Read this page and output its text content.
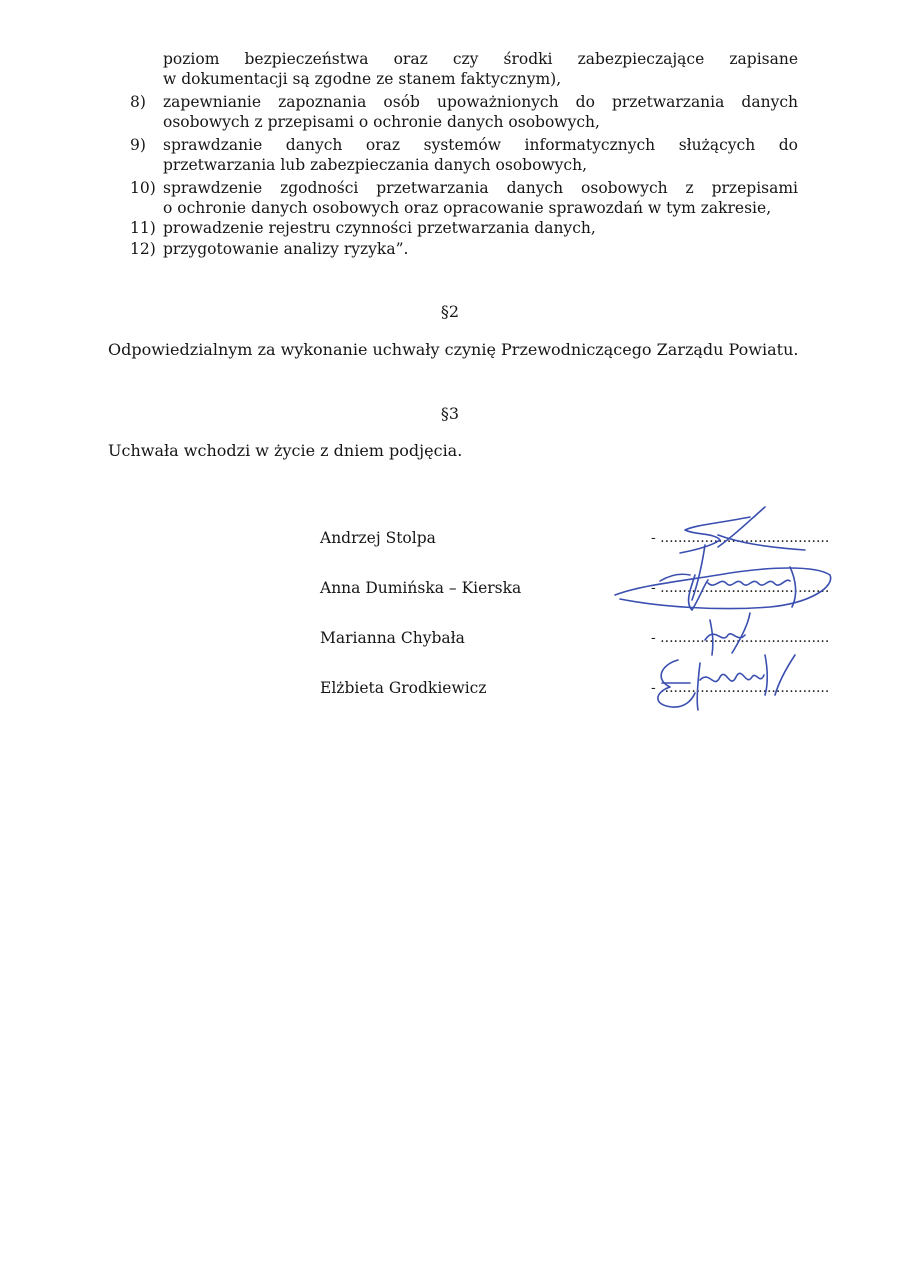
poziom bezpieczeństwa oraz czy środki zabezpieczające zapisane
w dokumentacji są zgodne ze stanem faktycznym),
8)	zapewnianie zapoznania osób upoważnionych do przetwarzania danych
osobowych z przepisami o ochronie danych osobowych,
9)	sprawdzanie danych oraz systemów informatycznych służących do
przetwarzania lub zabezpieczania danych osobowych,
10) sprawdzenie zgodności przetwarzania danych osobowych z przepisami
o ochronie danych osobowych oraz opracowanie sprawozdań w tym zakresie,
11) prowadzenie rejestru czynności przetwarzania danych,
12) przygotowanie analizy ryzyka”.
§2
Odpowiedzialnym za wykonanie uchwały czynię Przewodniczącego Zarządu Powiatu.
§3
Uchwała wchodzi w życie z dniem podjęcia.
Andrzej Stolpa
Anna Dumińska – Kierska
Marianna Chybała
Elżbieta Grodkiewicz
- ......................................
- ......................................
- ......................................
- ......................................
